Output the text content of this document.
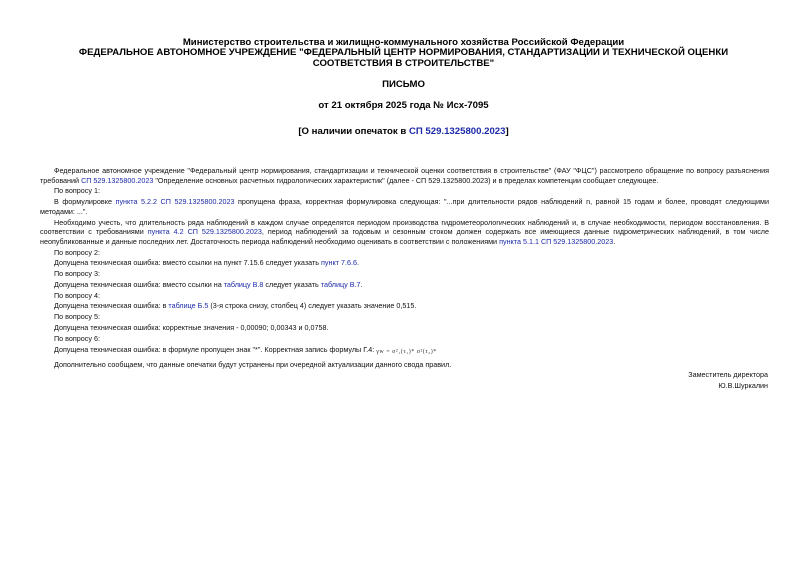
Министерство строительства и жилищно-коммунального хозяйства Российской Федерации
ФЕДЕРАЛЬНОЕ АВТОНОМНОЕ УЧРЕЖДЕНИЕ "ФЕДЕРАЛЬНЫЙ ЦЕНТР НОРМИРОВАНИЯ, СТАНДАРТИЗАЦИИ И ТЕХНИЧЕСКОЙ ОЦЕНКИ СООТВЕТСТВИЯ В СТРОИТЕЛЬСТВЕ"
ПИСЬМО
от 21 октября 2025 года № Исх-7095
[О наличии опечаток в СП 529.1325800.2023]

Федеральное автономное учреждение "Федеральный центр нормирования, стандартизации и технической оценки соответствия в строительстве" (ФАУ "ФЦС") рассмотрело обращение по вопросу разъяснения требований СП 529.1325800.2023 "Определение основных расчетных гидрологических характеристик" (далее - СП 529.1325800.2023) и в пределах компетенции сообщает следующее.

По вопросу 1:

В формулировке пункта 5.2.2 СП 529.1325800.2023 пропущена фраза, корректная формулировка следующая: "...при длительности рядов наблюдений n, равной 15 годам и более, проводят следующими методами: ...".

Необходимо учесть, что длительность ряда наблюдений в каждом случае определятся периодом производства гидрометеорологических наблюдений и, в случае необходимости, периодом восстановления. В соответствии с требованиями пункта 4.2 СП 529.1325800.2023, период наблюдений за годовым и сезонным стоком должен содержать все имеющиеся данные гидрометрических наблюдений, в том числе неопубликованные и данные последних лет. Достаточность периода наблюдений необходимо оценивать в соответствии с положениями пункта 5.1.1 СП 529.1325800.2023.

По вопросу 2:

Допущена техническая ошибка: вместо ссылки на пункт 7.15.6 следует указать пункт 7.6.6.

По вопросу 3:

Допущена техническая ошибка: вместо ссылки на таблицу В.8 следует указать таблицу В.7.

По вопросу 4:

Допущена техническая ошибка: в таблице Б.5 (3-я строка снизу, столбец 4) следует указать значение 0,515.

По вопросу 5:

Допущена техническая ошибка: корректные значения - 0,00090; 0,00343 и 0,0758.

По вопросу 6:

Допущена техническая ошибка: в формуле пропущен знак "*". Корректная запись формулы Г.4: γw = σ²₁(τ₁)* σ²(τ₂)*

Дополнительно сообщаем, что данные опечатки будут устранены при очередной актуализации данного свода правил.

Заместитель директора
Ю.В.Шуркалин
